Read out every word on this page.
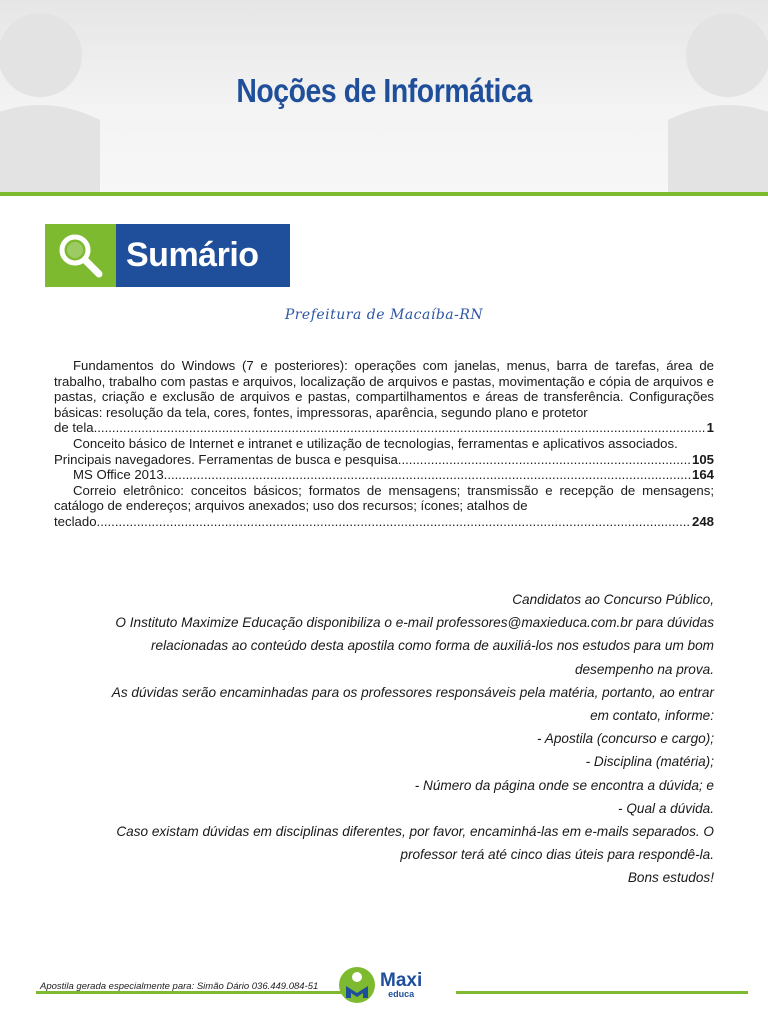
Noções de Informática
Sumário
Prefeitura de Macaíba-RN

Fundamentos do Windows (7 e posteriores): operações com janelas, menus, barra de tarefas, área de trabalho, trabalho com pastas e arquivos, localização de arquivos e pastas, movimentação e cópia de arquivos e pastas, criação e exclusão de arquivos e pastas, compartilhamentos e áreas de transferência. Configurações básicas: resolução da tela, cores, fontes, impressoras, aparência, segundo plano e protetor

de tela. .....	1

Conceito básico de Internet e intranet e utilização de tecnologias, ferramentas e aplicativos associados.

Principais navegadores. Ferramentas de busca e pesquisa. .....	105
MS Office 2013.. .....	164

Correio eletrônico: conceitos básicos; formatos de mensagens; transmissão e recepção de mensagens; catálogo de endereços; arquivos anexados; uso dos recursos; ícones; atalhos de

teclado .....	248

Candidatos ao Concurso Público,

O Instituto Maximize Educação disponibiliza o e-mail professores@maxieduca.com.br para dúvidas

relacionadas ao conteúdo desta apostila como forma de auxiliá-los nos estudos para um bom

desempenho na prova.

As dúvidas serão encaminhadas para os professores responsáveis pela matéria, portanto, ao entrar

em contato, informe:

- Apostila (concurso e cargo);

- Disciplina (matéria);

- Número da página onde se encontra a dúvida; e

- Qual a dúvida.

Caso existam dúvidas em disciplinas diferentes, por favor, encaminhá-las em e-mails separados. O

professor terá até cinco dias úteis para respondê-la.

Bons estudos!

Apostila gerada especialmente para: Simão Dário 036.449.084-51	Maxi
educa
